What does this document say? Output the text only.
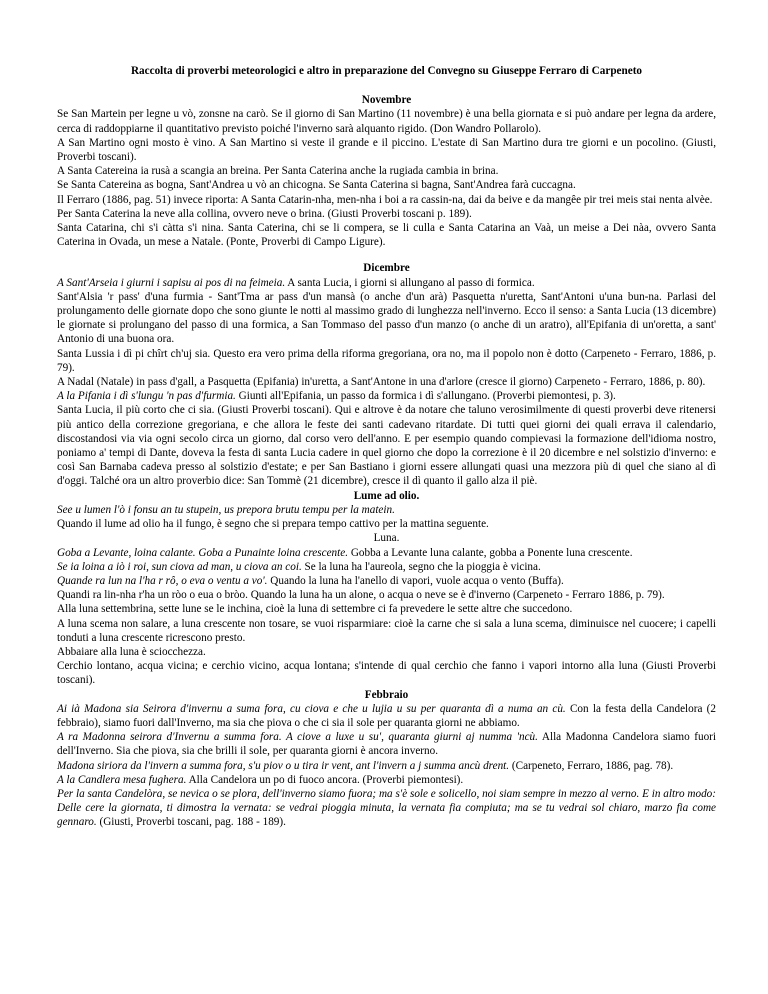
Raccolta di proverbi meteorologici e altro in preparazione del Convegno su Giuseppe Ferraro di Carpeneto

Novembre

Se San Martein per legne u vò, zonsne na carò. Se il giorno di San Martino (11 novembre) è una bella giornata e si può andare per legna da ardere, cerca di raddoppiarne il quantitativo previsto poiché l'inverno sarà alquanto rigido. (Don Wandro Pollarolo).

A San Martino ogni mosto è vino. A San Martino si veste il grande e il piccino. L'estate di San Martino dura tre giorni e un pocolino. (Giusti, Proverbi toscani).

A Santa Catereina ia rusà a scangia an breina. Per Santa Caterina anche la rugiada cambia in brina.

Se Santa Catereina as bogna, Sant'Andrea u vò an chicogna. Se Santa Caterina si bagna, Sant'Andrea farà cuccagna.

Il Ferraro (1886, pag. 51) invece riporta: A Santa Catarin-nha, men-nha i boi a ra cassin-na, dai da beive e da mangêe pir trei meis stai nenta alvèe.

Per Santa Caterina la neve alla collina, ovvero neve o brina. (Giusti Proverbi toscani p. 189).

Santa Catarina, chi s'i càtta s'i nina. Santa Caterina, chi se li compera, se li culla e Santa Catarina an Vaà, un meise a Dei nàa, ovvero Santa Caterina in Ovada, un mese a Natale. (Ponte, Proverbi di Campo Ligure).

Dicembre

A Sant'Arseia i giurni i sapisu ai pos di na feimeia. A santa Lucia, i giorni si allungano al passo di formica.

Sant'Alsia 'r pass' d'una furmia - Sant'Tma ar pass d'un mansà (o anche d'un arà) Pasquetta n'uretta, Sant'Antoni u'una bun-na. Parlasi del prolungamento delle giornate dopo che sono giunte le notti al massimo grado di lunghezza nell'inverno. Ecco il senso: a Santa Lucia (13 dicembre) le giornate si prolungano del passo di una formica, a San Tommaso del passo d'un manzo (o anche di un aratro), all'Epifania di un'oretta, a sant' Antonio di una buona ora.

Santa Lussia i dì pi chîrt ch'uj sia. Questo era vero prima della riforma gregoriana, ora no, ma il popolo non è dotto (Carpeneto - Ferraro, 1886, p. 79).

A Nadal (Natale) in pass d'gall, a Pasquetta (Epifania) in'uretta, a Sant'Antone in una d'arlore (cresce il giorno) Carpeneto - Ferraro, 1886, p. 80).

A la Pifania i dì s'lungu 'n pas d'furmia. Giunti all'Epifania, un passo da formica i dì s'allungano. (Proverbi piemontesi, p. 3).

Santa Lucia, il più corto che ci sia. (Giusti Proverbi toscani). Qui e altrove è da notare che taluno verosimilmente di questi proverbi deve ritenersi più antico della correzione gregoriana, e che allora le feste dei santi cadevano ritardate. Di tutti quei giorni dei quali errava il calendario, discostandosi via via ogni secolo circa un giorno, dal corso vero dell'anno. E per esempio quando compievasi la formazione dell'idioma nostro, poniamo a' tempi di Dante, doveva la festa di santa Lucia cadere in quel giorno che dopo la correzione è il 20 dicembre e nel solstizio d'inverno: e così San Barnaba cadeva presso al solstizio d'estate; e per San Bastiano i giorni essere allungati quasi una mezzora più di quel che siano al dì d'oggi. Talché ora un altro proverbio dice: San Tommè (21 dicembre), cresce il dì quanto il gallo alza il piè.

Lume ad olio.

See u lumen l'ò i fonsu an tu stupein, us prepora brutu tempu per la matein.

Quando il lume ad olio ha il fungo, è segno che si prepara tempo cattivo per la mattina seguente.

Luna.

Goba a Levante, loina calante. Goba a Punainte loina crescente. Gobba a Levante luna calante, gobba a Ponente luna crescente.

Se ia loina a iò i roi, sun ciova ad man, u ciova an coi. Se la luna ha l'aureola, segno che la pioggia è vicina.

Quande ra lun na l'ha r rô, o eva o ventu a vo'. Quando la luna ha l'anello di vapori, vuole acqua o vento (Buffa).

Quandi ra lin-nha r'ha un ròo o eua o bròo. Quando la luna ha un alone, o acqua o neve se è d'inverno (Carpeneto - Ferraro 1886, p. 79).

Alla luna settembrina, sette lune se le inchina, cioè la luna di settembre ci fa prevedere le sette altre che succedono.

A luna scema non salare, a luna crescente non tosare, se vuoi risparmiare: cioè la carne che si sala a luna scema, diminuisce nel cuocere; i capelli tonduti a luna crescente ricrescono presto.

Abbaiare alla luna è sciocchezza.

Cerchio lontano, acqua vicina; e cerchio vicino, acqua lontana; s'intende di qual cerchio che fanno i vapori intorno alla luna (Giusti Proverbi toscani).

Febbraio

Ai ià Madona sia Seirora d'invernu a suma fora, cu ciova e che u lujia u su per quaranta dì a numa an cù. Con la festa della Candelora (2 febbraio), siamo fuori dall'Inverno, ma sia che piova o che ci sia il sole per quaranta giorni ne abbiamo.

A ra Madonna seirora d'Invernu a summa fora. A ciove a luxe u su', quaranta giurni aj numma 'ncù. Alla Madonna Candelora siamo fuori dell'Inverno. Sia che piova, sia che brilli il sole, per quaranta giorni è ancora inverno.

Madona siriora da l'invern a summa fora, s'u piov o u tira ir vent, ant l'invern a j summa ancù drent. (Carpeneto, Ferraro, 1886, pag. 78).

A la Candlera mesa fughera. Alla Candelora un po di fuoco ancora. (Proverbi piemontesi).

Per la santa Candelòra, se nevica o se plora, dell'inverno siamo fuora; ma s'è sole e solicello, noi siam sempre in mezzo al verno. E in altro modo: Delle cere la giornata, ti dimostra la vernata: se vedrai pioggia minuta, la vernata fia compiuta; ma se tu vedrai sol chiaro, marzo fia come gennaro. (Giusti, Proverbi toscani, pag. 188 - 189).
